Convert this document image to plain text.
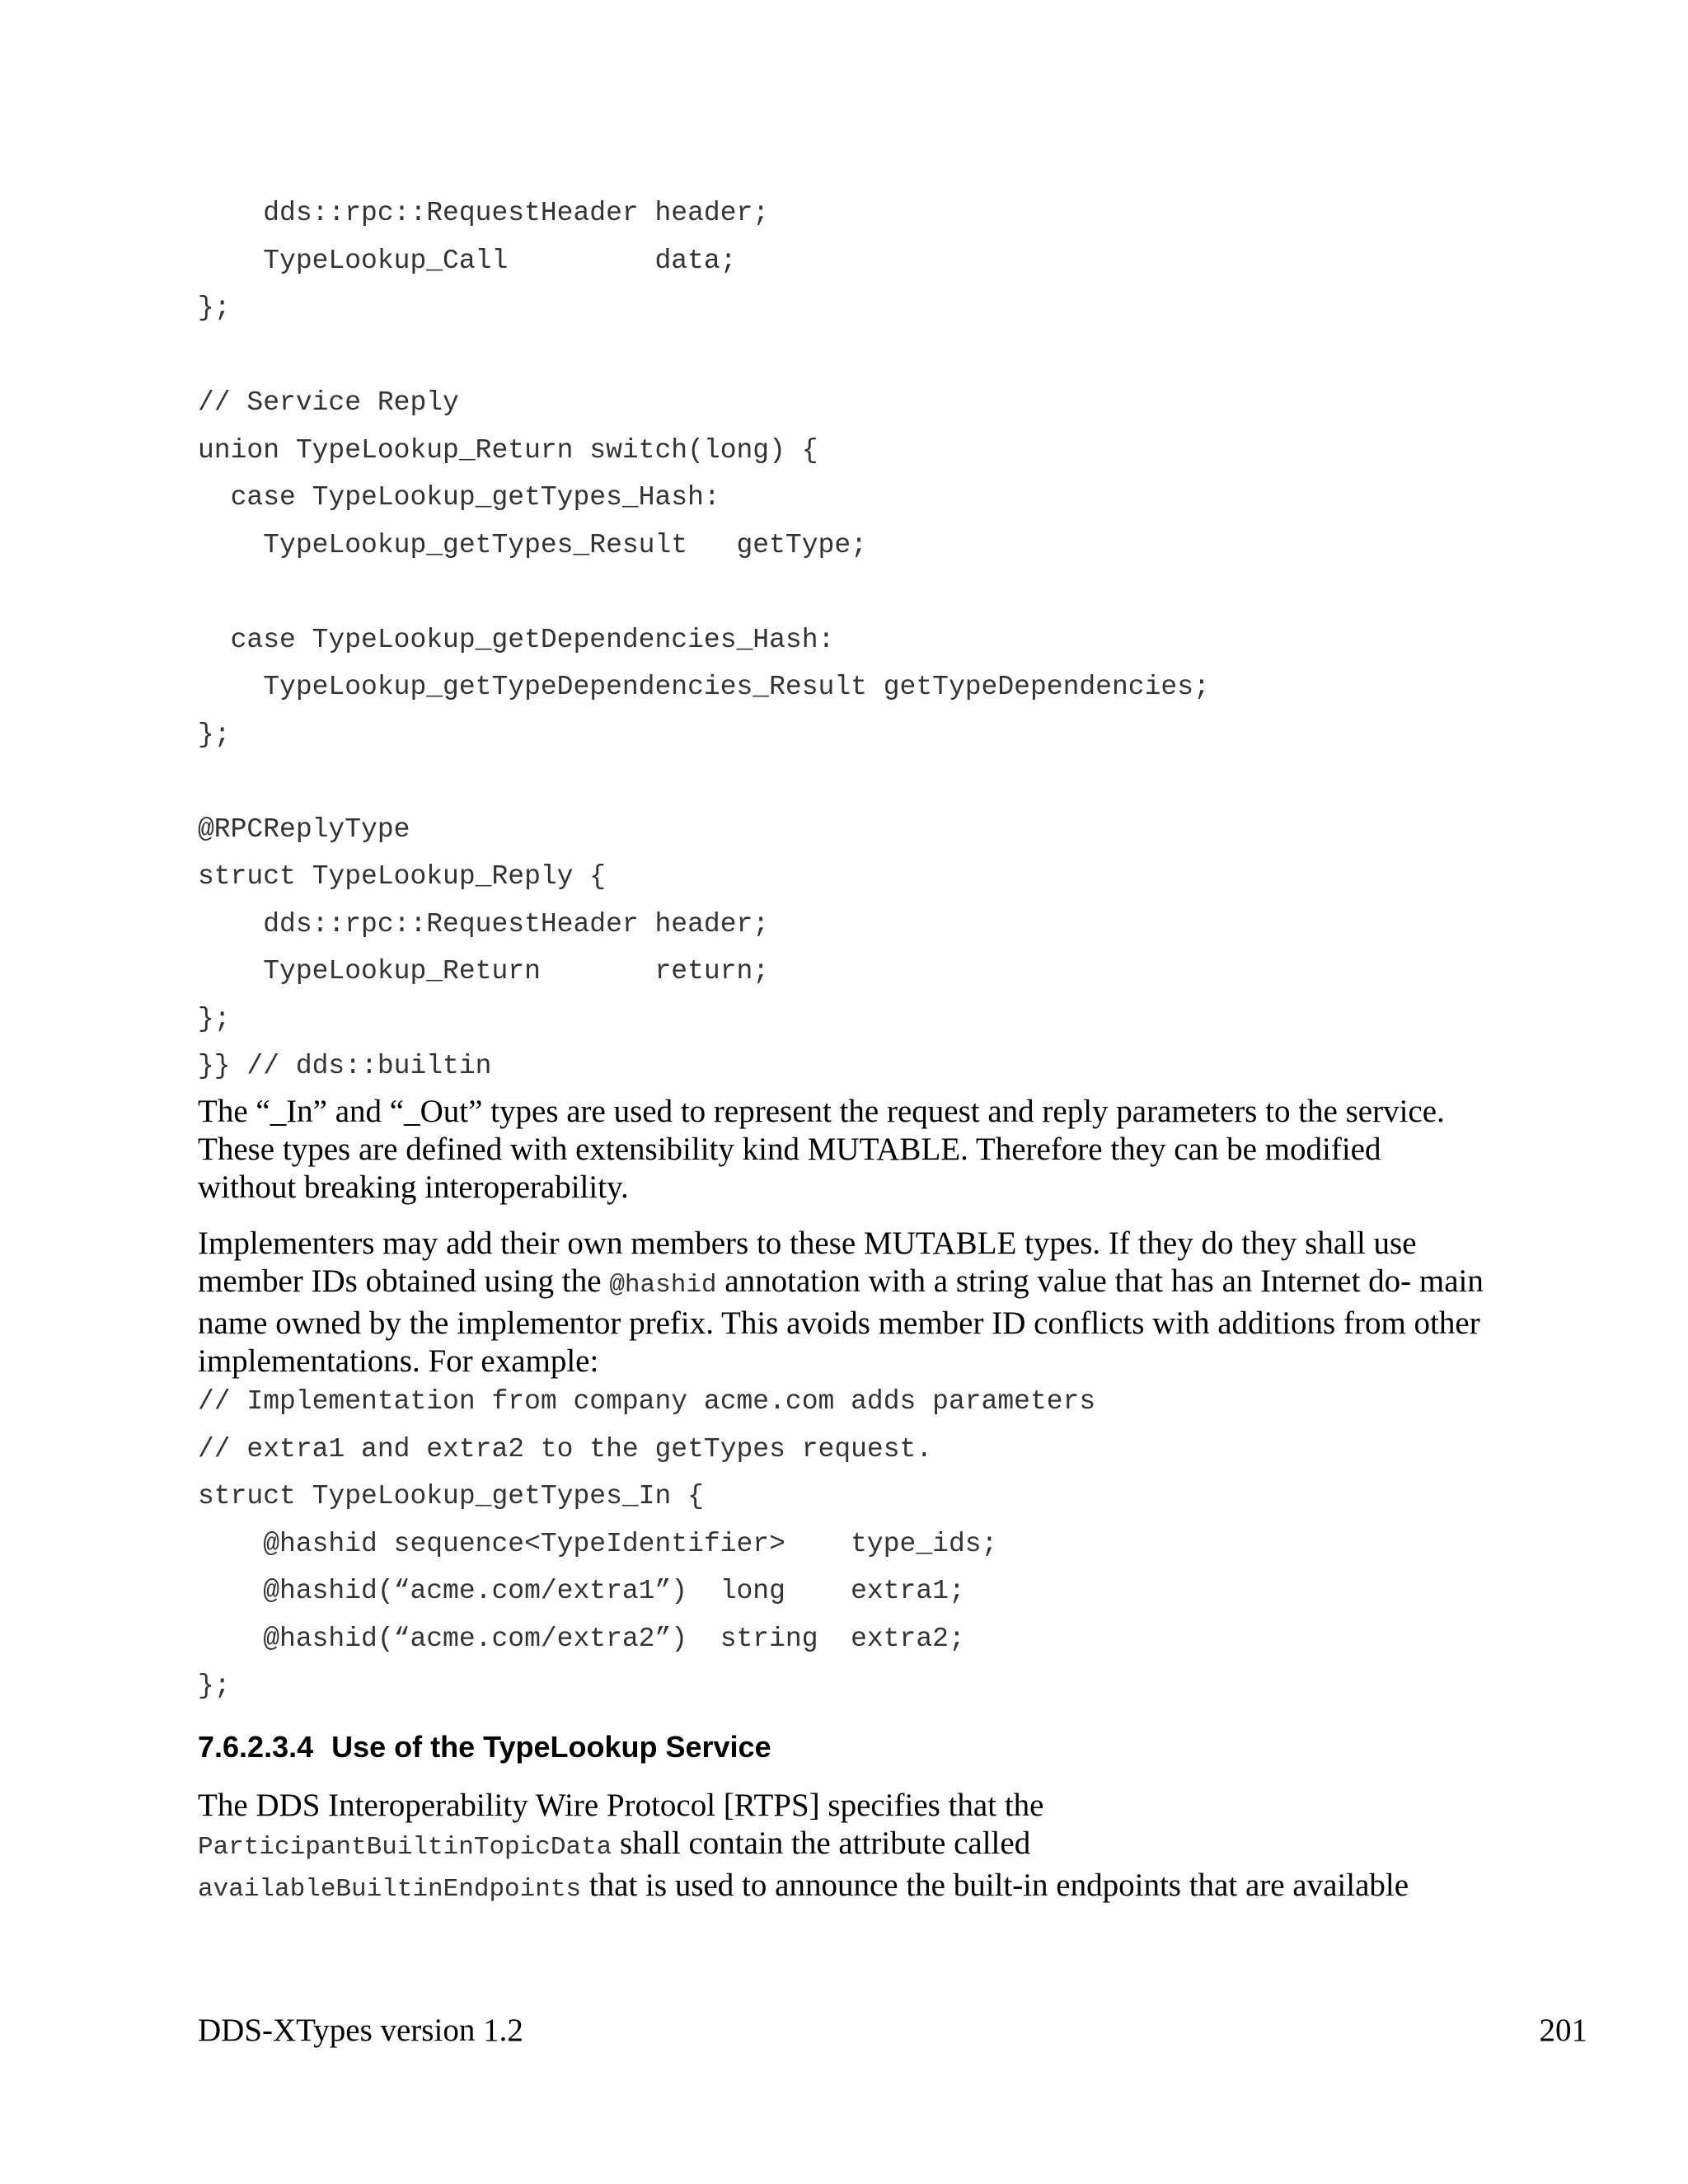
dds::rpc::RequestHeader header;
TypeLookup_Call         data;
};
// Service Reply
union TypeLookup_Return switch(long) {
case TypeLookup_getTypes_Hash:
TypeLookup_getTypes_Result   getType;
case TypeLookup_getDependencies_Hash:
TypeLookup_getTypeDependencies_Result getTypeDependencies;
};
@RPCReplyType
struct TypeLookup_Reply {
dds::rpc::RequestHeader header;
TypeLookup_Return       return;
};
}} // dds::builtin

The “_In” and “_Out” types are used to represent the request and reply parameters to the service. These types are defined with extensibility kind MUTABLE. Therefore they can be modified without breaking interoperability.

Implementers may add their own members to these MUTABLE types. If they do they shall use member IDs obtained using the @hashid annotation with a string value that has an Internet do- main name owned by the implementor prefix. This avoids member ID conflicts with additions from other implementations. For example:

// Implementation from company acme.com adds parameters
// extra1 and extra2 to the getTypes request.
struct TypeLookup_getTypes_In {
@hashid sequence<TypeIdentifier>    type_ids;
@hashid(“acme.com/extra1”)  long    extra1;
@hashid(“acme.com/extra2”)  string  extra2;
};
7.6.2.3.4 Use of the TypeLookup Service

The DDS Interoperability Wire Protocol [RTPS] specifies that the
ParticipantBuiltinTopicData shall contain the attribute called
availableBuiltinEndpoints that is used to announce the built-in endpoints that are available

DDS-XTypes version 1.2	201
